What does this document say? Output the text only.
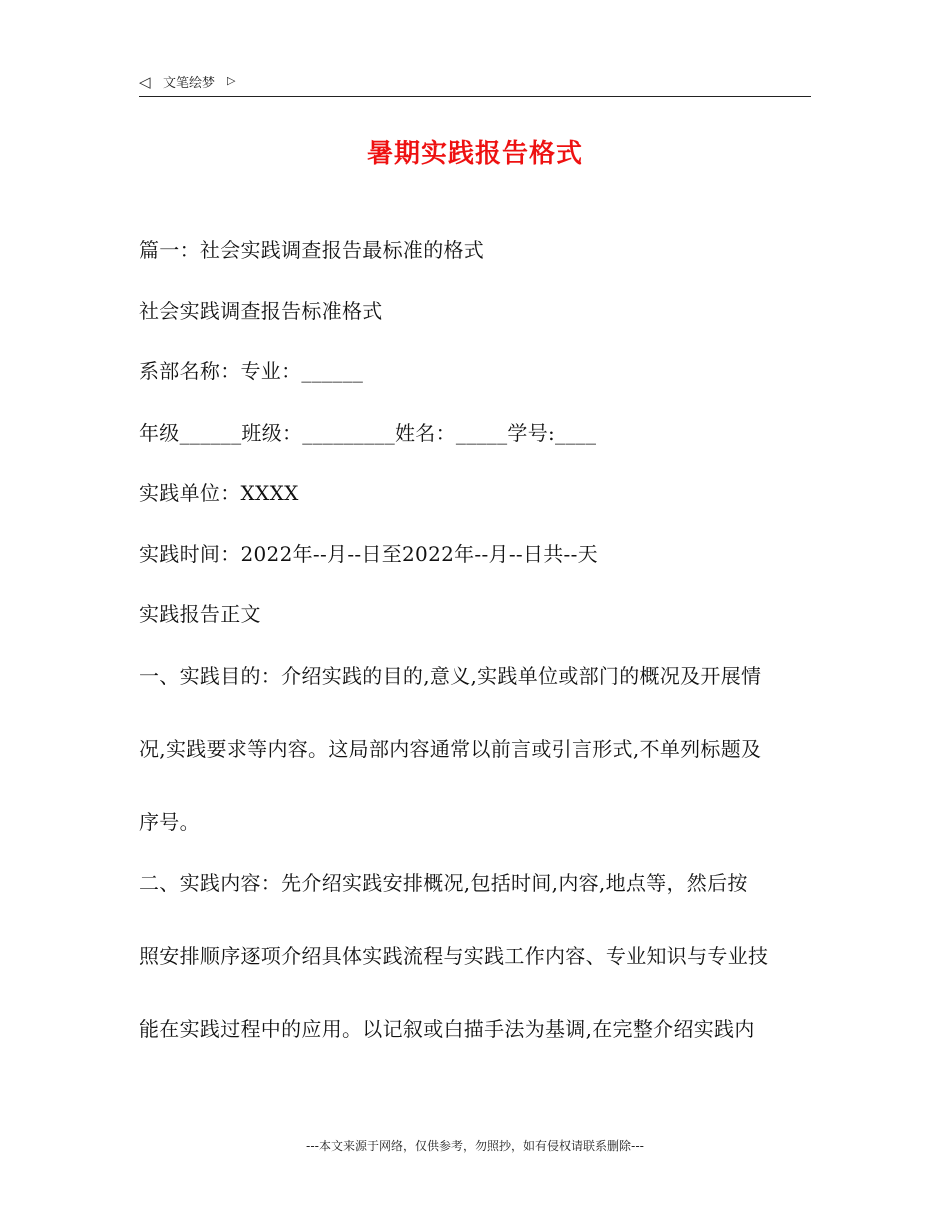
◁ 文笔绘梦 ▷
暑期实践报告格式
篇一：社会实践调查报告最标准的格式
社会实践调查报告标准格式
系部名称：专业：______
年级______班级：_________姓名：_____学号:____
实践单位：XXXX
实践时间：2022年--月--日至2022年--月--日共--天
实践报告正文
一、实践目的：介绍实践的目的,意义,实践单位或部门的概况及开展情
况,实践要求等内容。这局部内容通常以前言或引言形式,不单列标题及
序号。
二、实践内容：先介绍实践安排概况,包括时间,内容,地点等，然后按
照安排顺序逐项介绍具体实践流程与实践工作内容、专业知识与专业技
能在实践过程中的应用。以记叙或白描手法为基调,在完整介绍实践内
---本文来源于网络，仅供参考，勿照抄，如有侵权请联系删除---
